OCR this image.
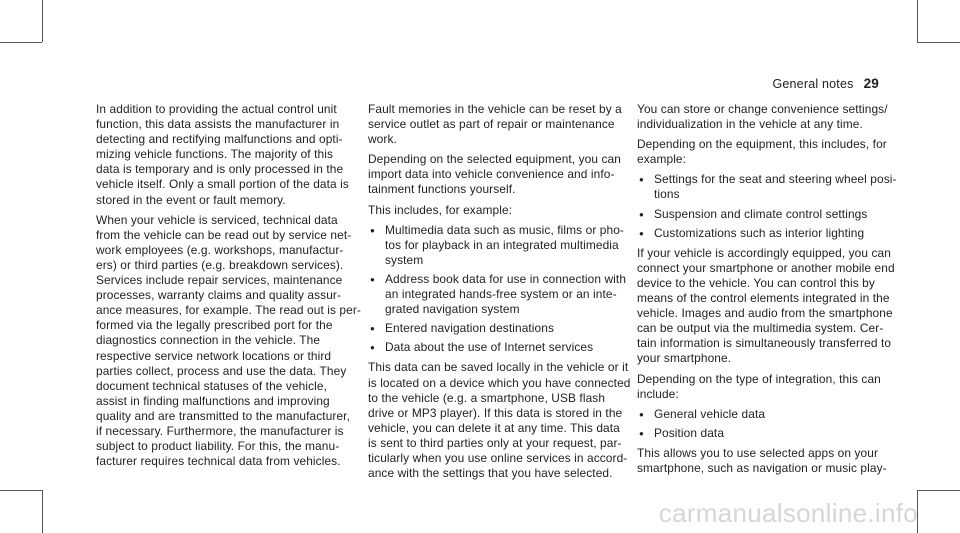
General notes 29

In addition to providing the actual control unit
function, this data assists the manufacturer in
detecting and rectifying malfunctions and opti-
mizing vehicle functions. The majority of this
data is temporary and is only processed in the
vehicle itself. Only a small portion of the data is
stored in the event or fault memory.

When your vehicle is serviced, technical data
from the vehicle can be read out by service net-
work employees (e.g. workshops, manufactur-
ers) or third parties (e.g. breakdown services).
Services include repair services, maintenance
processes, warranty claims and quality assur-
ance measures, for example. The read out is per-
formed via the legally prescribed port for the
diagnostics connection in the vehicle. The
respective service network locations or third
parties collect, process and use the data. They
document technical statuses of the vehicle,
assist in finding malfunctions and improving
quality and are transmitted to the manufacturer,
if necessary. Furthermore, the manufacturer is
subject to product liability. For this, the manu-
facturer requires technical data from vehicles.

Fault memories in the vehicle can be reset by a
service outlet as part of repair or maintenance
work.

Depending on the selected equipment, you can
import data into vehicle convenience and info-
tainment functions yourself.

This includes, for example:

● Multimedia data such as music, films or pho-
tos for playback in an integrated multimedia
system
● Address book data for use in connection with
an integrated hands-free system or an inte-
grated navigation system
● Entered navigation destinations
● Data about the use of Internet services

This data can be saved locally in the vehicle or it
is located on a device which you have connected
to the vehicle (e.g. a smartphone, USB flash
drive or MP3 player). If this data is stored in the
vehicle, you can delete it at any time. This data
is sent to third parties only at your request, par-
ticularly when you use online services in accord-
ance with the settings that you have selected.

You can store or change convenience settings/
individualization in the vehicle at any time.

Depending on the equipment, this includes, for
example:

● Settings for the seat and steering wheel posi-
tions
● Suspension and climate control settings
● Customizations such as interior lighting

If your vehicle is accordingly equipped, you can
connect your smartphone or another mobile end
device to the vehicle. You can control this by
means of the control elements integrated in the
vehicle. Images and audio from the smartphone
can be output via the multimedia system. Cer-
tain information is simultaneously transferred to
your smartphone.

Depending on the type of integration, this can
include:

● General vehicle data
● Position data

This allows you to use selected apps on your
smartphone, such as navigation or music play-

carmanualsonline.info
